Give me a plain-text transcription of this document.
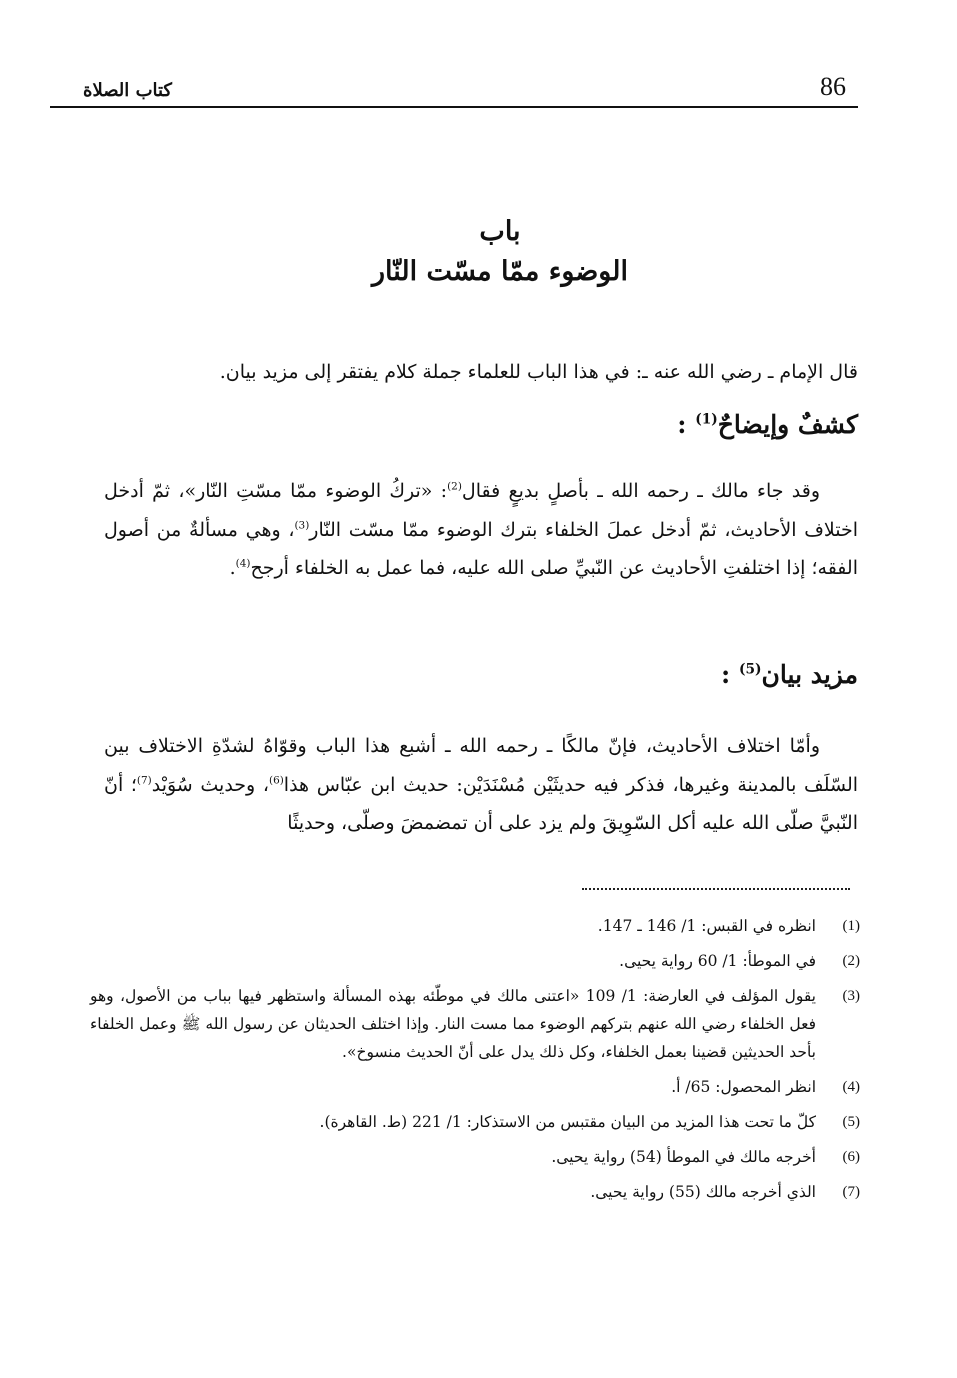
86
كتاب الصلاة
باب
الوضوء ممّا مسّت النّار
قال الإمام ـ رضي الله عنه ـ: في هذا الباب للعلماء جملة كلام يفتقر إلى مزيد بيان.
كشفٌ وإيضاحٌ$^{(1)}$ :
وقد جاء مالك ـ رحمه الله ـ بأصلٍ بديعٍ فقال$^{(2)}$: «تركُ الوضوء ممّا مسّتِ النّار»، ثمّ أدخل اختلاف الأحاديث، ثمّ أدخل عملَ الخلفاء بترك الوضوء ممّا مسّت النّار$^{(3)}$، وهي مسألةٌ من أصول الفقه؛ إذا اختلفتِ الأحاديث عن النّبيِّ صلى الله عليه، فما عمل به الخلفاء أرجح$^{(4)}$.
مزيد بيان$^{(5)}$ :
وأمّا اختلاف الأحاديث، فإنّ مالكًا ـ رحمه الله ـ أشبع هذا الباب وقوّاهُ لشدّةِ الاختلاف بين السّلَف بالمدينة وغيرها، فذكر فيه حديثَيْن مُسْنَدَيْن: حديث ابن عبّاس هذا$^{(6)}$، وحديث سُوَيْد$^{(7)}$؛ أنّ النّبيَّ صلّى الله عليه أكل السّوِيقَ ولم يزد على أن تمضمضَ وصلّى، وحديثًا
(1)
انظره في القبس: 1/ 146 ـ 147.
(2)
في الموطأ: 1/ 60 رواية يحيى.
(3)
يقول المؤلف في العارضة: 1/ 109 «اعتنى مالك في موطّئه بهذه المسألة واستظهر فيها بباب من الأصول، وهو فعل الخلفاء رضي الله عنهم بتركهم الوضوء مما مست النار. وإذا اختلف الحديثان عن رسول الله ﷺ وعمل الخلفاء بأحد الحديثين قضينا بعمل الخلفاء، وكل ذلك يدل على أنّ الحديث منسوخ».
(4)
انظر المحصول: 65/ أ.
(5)
كلّ ما تحت هذا المزيد من البيان مقتبس من الاستذكار: 1/ 221 (ط. القاهرة).
(6)
أخرجه مالك في الموطأ (54) رواية يحيى.
(7)
الذي أخرجه مالك (55) رواية يحيى.
